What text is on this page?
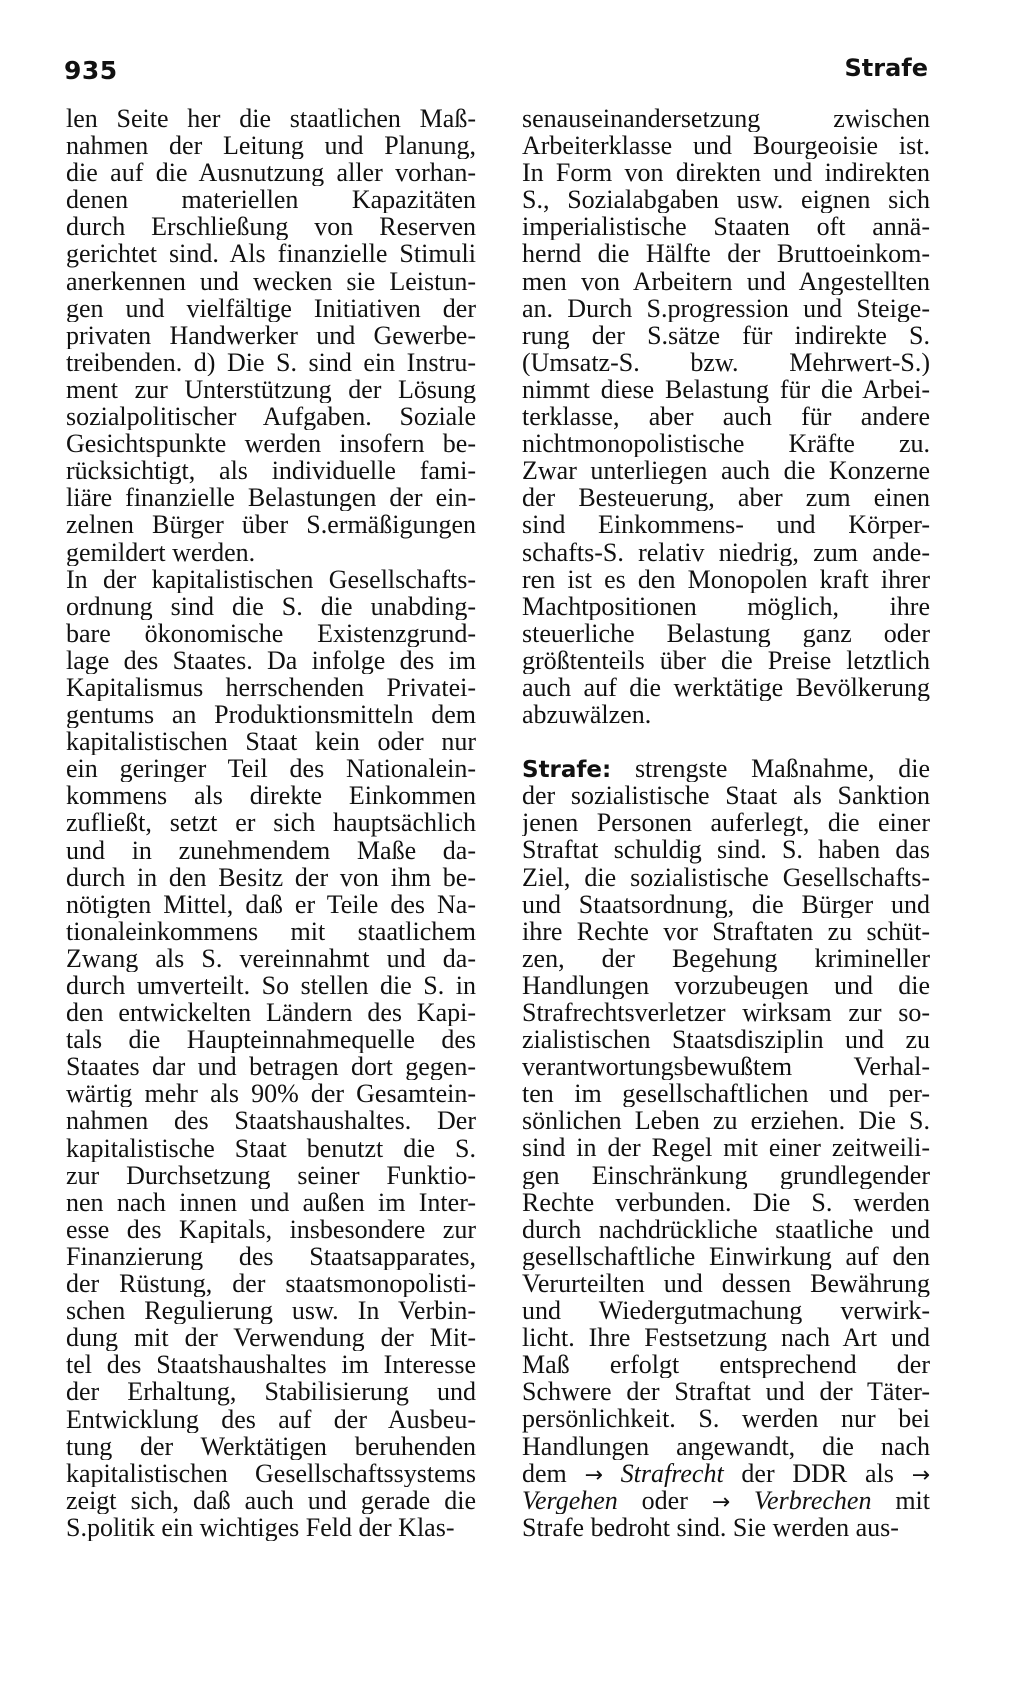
935	Strafe
len Seite her die staatlichen Maß-
nahmen der Leitung und Planung,
die auf die Ausnutzung aller vorhan-
denen materiellen Kapazitäten
durch Erschließung von Reserven
gerichtet sind. Als finanzielle Stimuli
anerkennen und wecken sie Leistun-
gen und vielfältige Initiativen der
privaten Handwerker und Gewerbe-
treibenden. d) Die S. sind ein Instru-
ment zur Unterstützung der Lösung
sozialpolitischer Aufgaben. Soziale
Gesichtspunkte werden insofern be-
rücksichtigt, als individuelle fami-
liäre finanzielle Belastungen der ein-
zelnen Bürger über S.ermäßigungen
gemildert werden.
In der kapitalistischen Gesellschafts-
ordnung sind die S. die unabding-
bare ökonomische Existenzgrund-
lage des Staates. Da infolge des im
Kapitalismus herrschenden Privatei-
gentums an Produktionsmitteln dem
kapitalistischen Staat kein oder nur
ein geringer Teil des Nationalein-
kommens als direkte Einkommen
zufließt, setzt er sich hauptsächlich
und in zunehmendem Maße da-
durch in den Besitz der von ihm be-
nötigten Mittel, daß er Teile des Na-
tionaleinkommens mit staatlichem
Zwang als S. vereinnahmt und da-
durch umverteilt. So stellen die S. in
den entwickelten Ländern des Kapi-
tals die Haupteinnahmequelle des
Staates dar und betragen dort gegen-
wärtig mehr als 90% der Gesamtein-
nahmen des Staatshaushaltes. Der
kapitalistische Staat benutzt die S.
zur Durchsetzung seiner Funktio-
nen nach innen und außen im Inter-
esse des Kapitals, insbesondere zur
Finanzierung des Staatsapparates,
der Rüstung, der staatsmonopolisti-
schen Regulierung usw. In Verbin-
dung mit der Verwendung der Mit-
tel des Staatshaushaltes im Interesse
der Erhaltung, Stabilisierung und
Entwicklung des auf der Ausbeu-
tung der Werktätigen beruhenden
kapitalistischen Gesellschaftssystems
zeigt sich, daß auch und gerade die
S.politik ein wichtiges Feld der Klas-
senauseinandersetzung zwischen
Arbeiterklasse und Bourgeoisie ist.
In Form von direkten und indirekten
S., Sozialabgaben usw. eignen sich
imperialistische Staaten oft annä-
hernd die Hälfte der Bruttoeinkom-
men von Arbeitern und Angestellten
an. Durch S.progression und Steige-
rung der S.sätze für indirekte S.
(Umsatz-S. bzw. Mehrwert-S.)
nimmt diese Belastung für die Arbei-
terklasse, aber auch für andere
nichtmonopolistische Kräfte zu.
Zwar unterliegen auch die Konzerne
der Besteuerung, aber zum einen
sind Einkommens- und Körper-
schafts-S. relativ niedrig, zum ande-
ren ist es den Monopolen kraft ihrer
Machtpositionen möglich, ihre
steuerliche Belastung ganz oder
größtenteils über die Preise letztlich
auch auf die werktätige Bevölkerung
abzuwälzen.
Strafe: strengste Maßnahme, die
der sozialistische Staat als Sanktion
jenen Personen auferlegt, die einer
Straftat schuldig sind. S. haben das
Ziel, die sozialistische Gesellschafts-
und Staatsordnung, die Bürger und
ihre Rechte vor Straftaten zu schüt-
zen, der Begehung krimineller
Handlungen vorzubeugen und die
Strafrechtsverletzer wirksam zur so-
zialistischen Staatsdisziplin und zu
verantwortungsbewußtem Verhal-
ten im gesellschaftlichen und per-
sönlichen Leben zu erziehen. Die S.
sind in der Regel mit einer zeitweili-
gen Einschränkung grundlegender
Rechte verbunden. Die S. werden
durch nachdrückliche staatliche und
gesellschaftliche Einwirkung auf den
Verurteilten und dessen Bewährung
und Wiedergutmachung verwirk-
licht. Ihre Festsetzung nach Art und
Maß erfolgt entsprechend der
Schwere der Straftat und der Täter-
persönlichkeit. S. werden nur bei
Handlungen angewandt, die nach
dem → Strafrecht der DDR als →
Vergehen oder → Verbrechen mit
Strafe bedroht sind. Sie werden aus-
